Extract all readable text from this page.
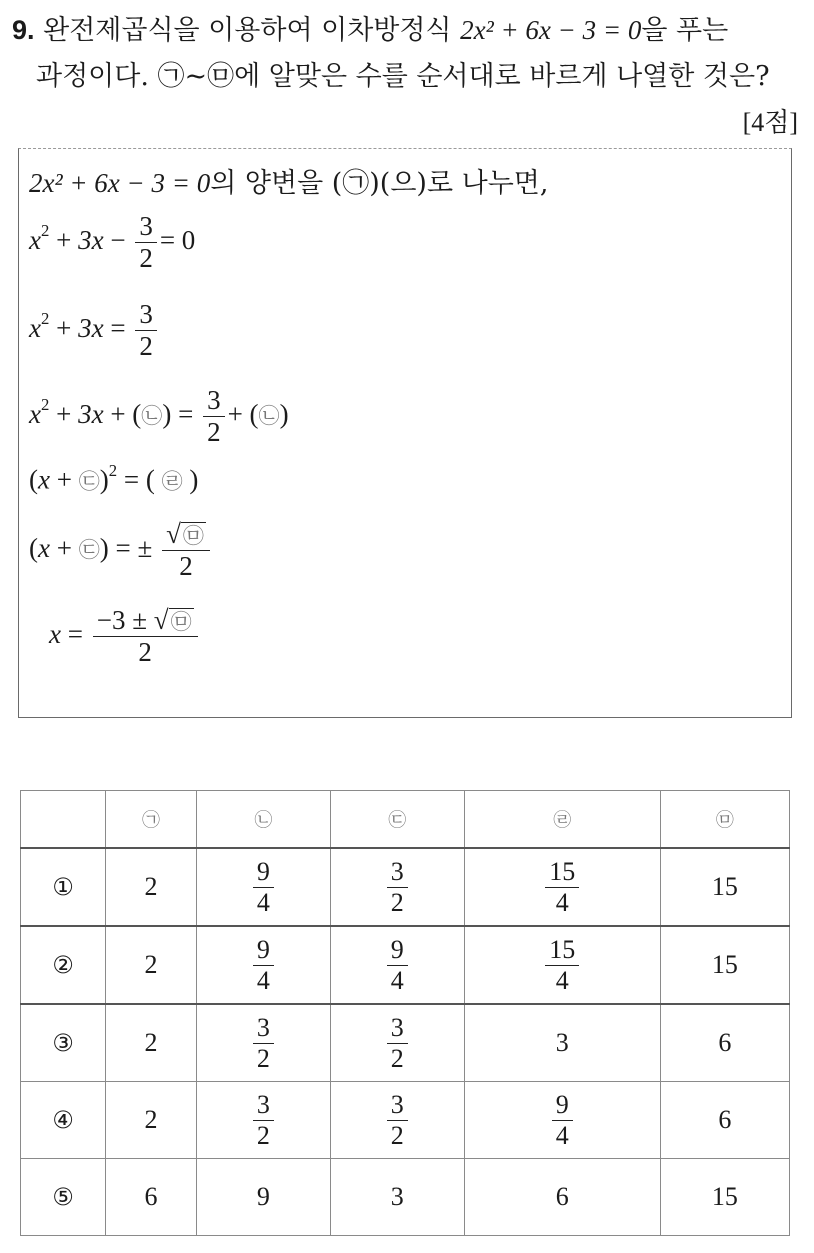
9. 완전제곱식을 이용하여 이차방정식 2x² + 6x − 3 = 0을 푸는
과정이다. ㉠~㉤에 알맞은 수를 순서대로 바르게 나열한 것은?
[4점]
2x² + 6x − 3 = 0의 양변을 (㉠)(으)로 나누면,
$x^2 + 3x - \frac{3}{2} = 0$
$x^2 + 3x = \frac{3}{2}$
$x^2 + 3x$ + (㉡) = $\frac{3}{2}$ + (㉡)
(x + ㉢)$^2$ = ( ㉣ )
(x + ㉢) = ± $\frac{√㉤}{2}$
$x = \frac{-3 \pm √㉤}{2}$
	㉠	㉡	㉢	㉣	㉤
①	2	$\frac{9}{4}$	$\frac{3}{2}$	$\frac{15}{4}$	15
②	2	$\frac{9}{4}$	$\frac{9}{4}$	$\frac{15}{4}$	15
③	2	$\frac{3}{2}$	$\frac{3}{2}$	3	6
④	2	$\frac{3}{2}$	$\frac{3}{2}$	$\frac{9}{4}$	6
⑤	6	9	3	6	15
